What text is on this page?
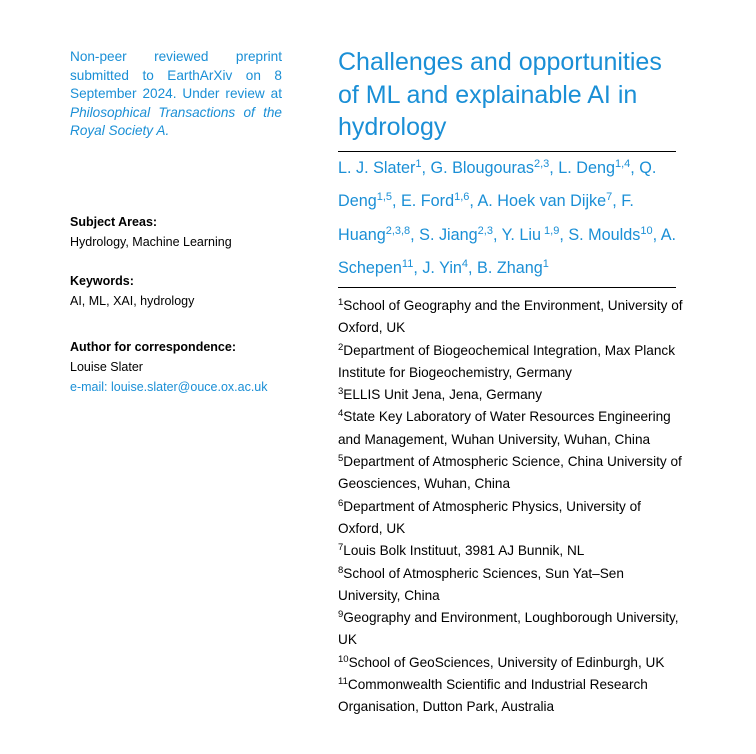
Non-peer reviewed preprint submitted to EarthArXiv on 8 September 2024. Under review at Philosophical Transactions of the Royal Society A.
Subject Areas:
Hydrology, Machine Learning
Keywords:
AI, ML, XAI, hydrology
Author for correspondence:
Louise Slater
e-mail: louise.slater@ouce.ox.ac.uk
Challenges and opportunities of ML and explainable AI in hydrology
L. J. Slater$^1$, G. Blougouras$^{2,3}$, L. Deng$^{1,4}$, Q. Deng$^{1,5}$, E. Ford$^{1,6}$, A. Hoek van Dijke$^7$, F. Huang$^{2,3,8}$, S. Jiang$^{2,3}$, Y. Liu $^{1,9}$, S. Moulds$^{10}$, A. Schepen$^{11}$, J. Yin$^4$, B. Zhang$^1$
$^1$School of Geography and the Environment, University of Oxford, UK
$^2$Department of Biogeochemical Integration, Max Planck Institute for Biogeochemistry, Germany
$^3$ELLIS Unit Jena, Jena, Germany
$^4$State Key Laboratory of Water Resources Engineering and Management, Wuhan University, Wuhan, China
$^5$Department of Atmospheric Science, China University of Geosciences, Wuhan, China
$^6$Department of Atmospheric Physics, University of Oxford, UK
$^7$Louis Bolk Instituut, 3981 AJ Bunnik, NL
$^8$School of Atmospheric Sciences, Sun Yat–Sen University, China
$^9$Geography and Environment, Loughborough University, UK
$^{10}$School of GeoSciences, University of Edinburgh, UK
$^{11}$Commonwealth Scientific and Industrial Research Organisation, Dutton Park, Australia
